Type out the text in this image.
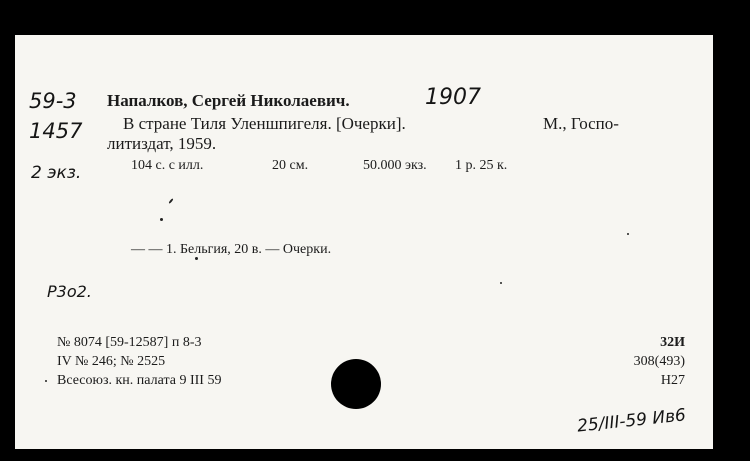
59-3
1457
2 экз.
1907
Р3о2.
25/III-59 Ив6
Напалков, Сергей Николаевич.
В стране Тиля Уленшпигеля. [Очерки].	М., Госпо-
литиздат, 1959.
104 с. с илл.	20 см.	50.000 экз. 1 р. 25 к.
— — 1. Бельгия, 20 в. — Очерки.
№ 8074 [59-12587] п 8-3
IV № 246; № 2525
Всесоюз. кн. палата 9 III 59
32И
308(493)
Н27
